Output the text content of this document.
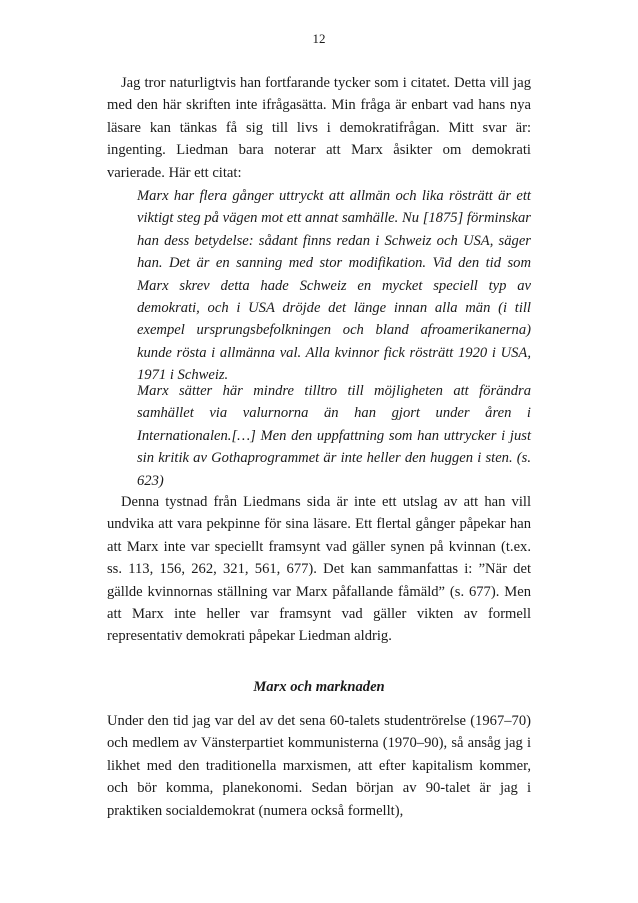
12

Jag tror naturligtvis han fortfarande tycker som i citatet. Detta vill jag med den här skriften inte ifrågasätta. Min fråga är enbart vad hans nya läsare kan tänkas få sig till livs i demokratifrågan. Mitt svar är: ingenting. Liedman bara noterar att Marx åsikter om demokrati varierade. Här ett citat:

Marx har flera gånger uttryckt att allmän och lika rösträtt är ett viktigt steg på vägen mot ett annat samhälle. Nu [1875] förminskar han dess betydelse: sådant finns redan i Schweiz och USA, säger han. Det är en sanning med stor modifikation. Vid den tid som Marx skrev detta hade Schweiz en mycket speciell typ av demokrati, och i USA dröjde det länge innan alla män (i till exempel ursprungsbefolkningen och bland afroamerikanerna) kunde rösta i allmänna val. Alla kvinnor fick rösträtt 1920 i USA, 1971 i Schweiz.

Marx sätter här mindre tilltro till möjligheten att förändra samhället via valurnorna än han gjort under åren i Internationalen.[…] Men den uppfattning som han uttrycker i just sin kritik av Gothaprogrammet är inte heller den huggen i sten. (s. 623)

Denna tystnad från Liedmans sida är inte ett utslag av att han vill undvika att vara pekpinne för sina läsare. Ett flertal gånger påpekar han att Marx inte var speciellt framsynt vad gäller synen på kvinnan (t.ex. ss. 113, 156, 262, 321, 561, 677). Det kan sammanfattas i: ”När det gällde kvinnornas ställning var Marx påfallande fåmäld” (s. 677). Men att Marx inte heller var framsynt vad gäller vikten av formell representativ demokrati påpekar Liedman aldrig.

Marx och marknaden

Under den tid jag var del av det sena 60-talets studentrörelse (1967–70) och medlem av Vänsterpartiet kommunisterna (1970–90), så ansåg jag i likhet med den traditionella marxismen, att efter kapitalism kommer, och bör komma, planekonomi. Sedan början av 90-talet är jag i praktiken socialdemokrat (numera också formellt),
